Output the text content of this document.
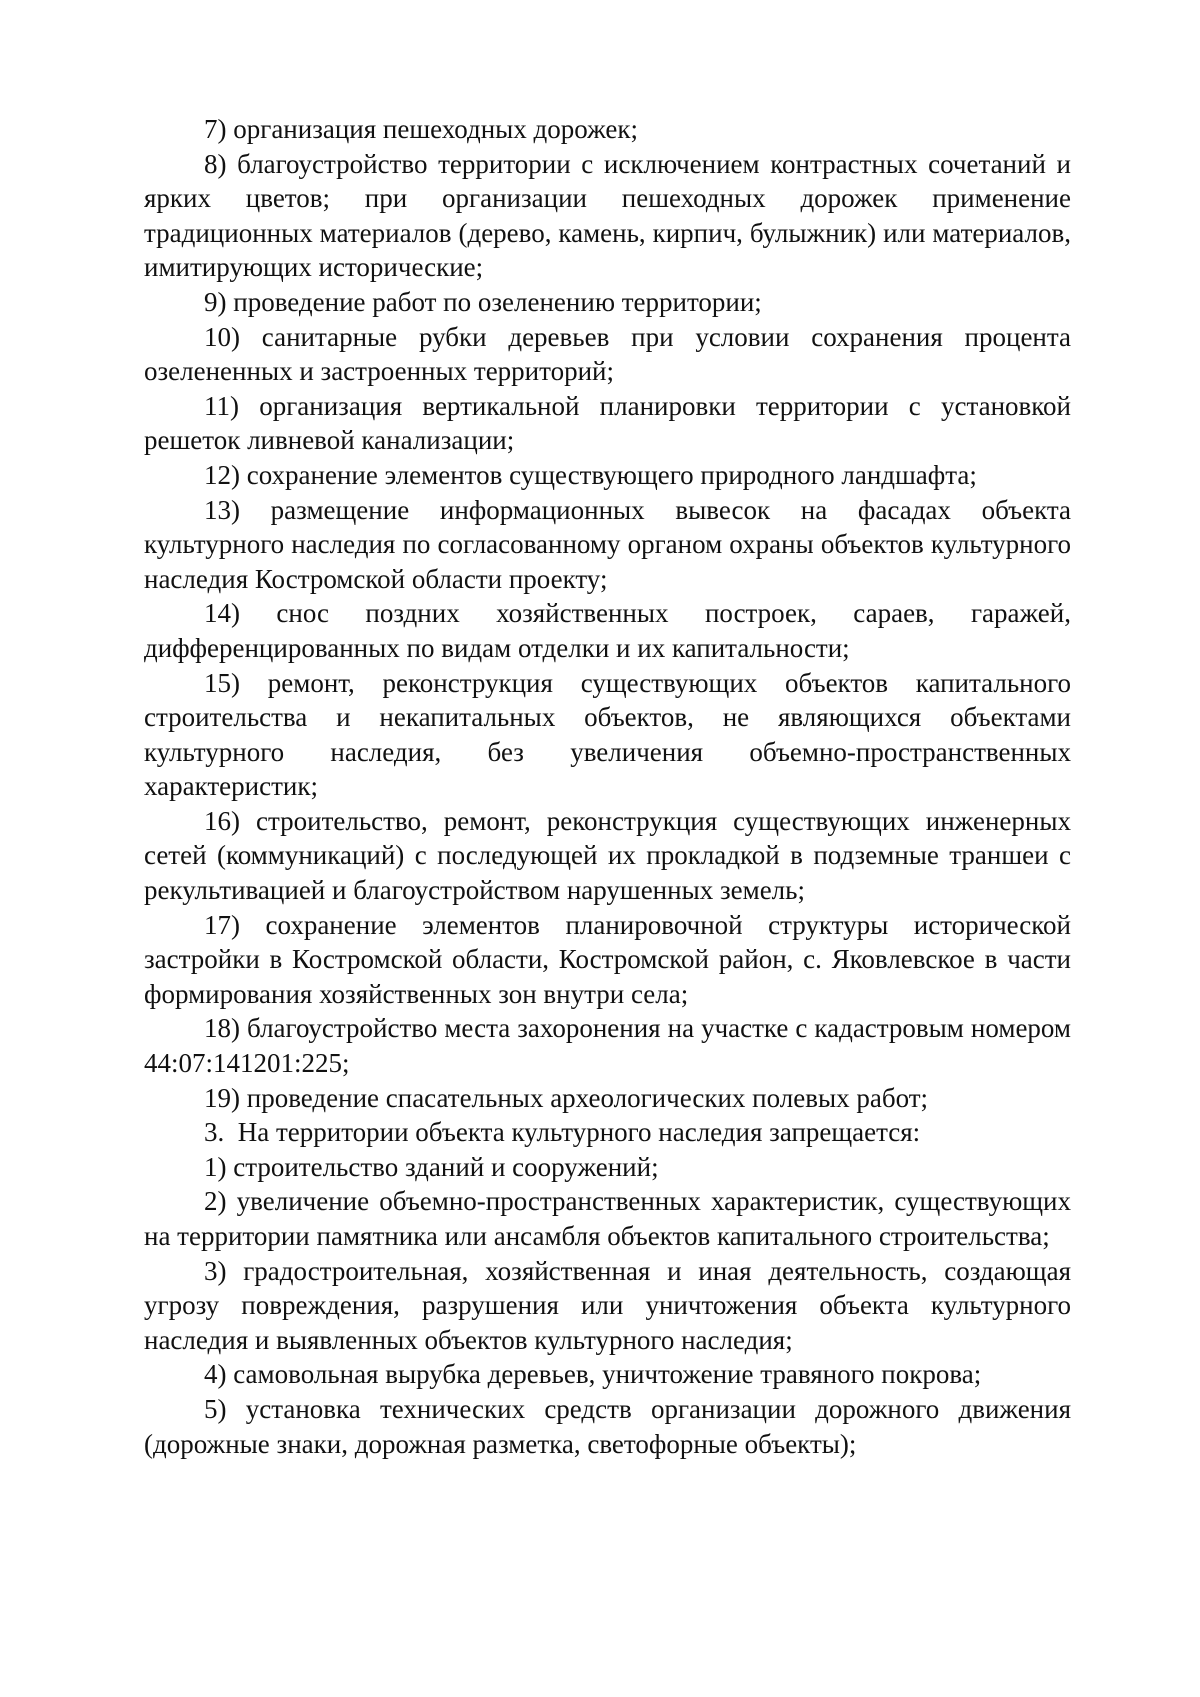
7) организация пешеходных дорожек;

8) благоустройство территории с исключением контрастных сочетаний и ярких цветов; при организации пешеходных дорожек применение традиционных материалов (дерево, камень, кирпич, булыжник) или материалов, имитирующих исторические;

9) проведение работ по озеленению территории;

10) санитарные рубки деревьев при условии сохранения процента озелененных и застроенных территорий;

11) организация вертикальной планировки территории с установкой решеток ливневой канализации;

12) сохранение элементов существующего природного ландшафта;

13) размещение информационных вывесок на фасадах объекта культурного наследия по согласованному органом охраны объектов культурного наследия Костромской области проекту;

14) снос поздних хозяйственных построек, сараев, гаражей, дифференцированных по видам отделки и их капитальности;

15) ремонт, реконструкция существующих объектов капитального строительства и некапитальных объектов, не являющихся объектами культурного наследия, без увеличения объемно-пространственных характеристик;

16) строительство, ремонт, реконструкция существующих инженерных сетей (коммуникаций) с последующей их прокладкой в подземные траншеи с рекультивацией и благоустройством нарушенных земель;

17) сохранение элементов планировочной структуры исторической застройки в Костромской области, Костромской район, с. Яковлевское в части формирования хозяйственных зон внутри села;

18) благоустройство места захоронения на участке с кадастровым номером 44:07:141201:225;

19) проведение спасательных археологических полевых работ;

3.  На территории объекта культурного наследия запрещается:

1) строительство зданий и сооружений;

2) увеличение объемно-пространственных характеристик, существующих на территории памятника или ансамбля объектов капитального строительства;

3) градостроительная, хозяйственная и иная деятельность, создающая угрозу повреждения, разрушения или уничтожения объекта культурного наследия и выявленных объектов культурного наследия;

4) самовольная вырубка деревьев, уничтожение травяного покрова;

5) установка технических средств организации дорожного движения (дорожные знаки, дорожная разметка, светофорные объекты);
